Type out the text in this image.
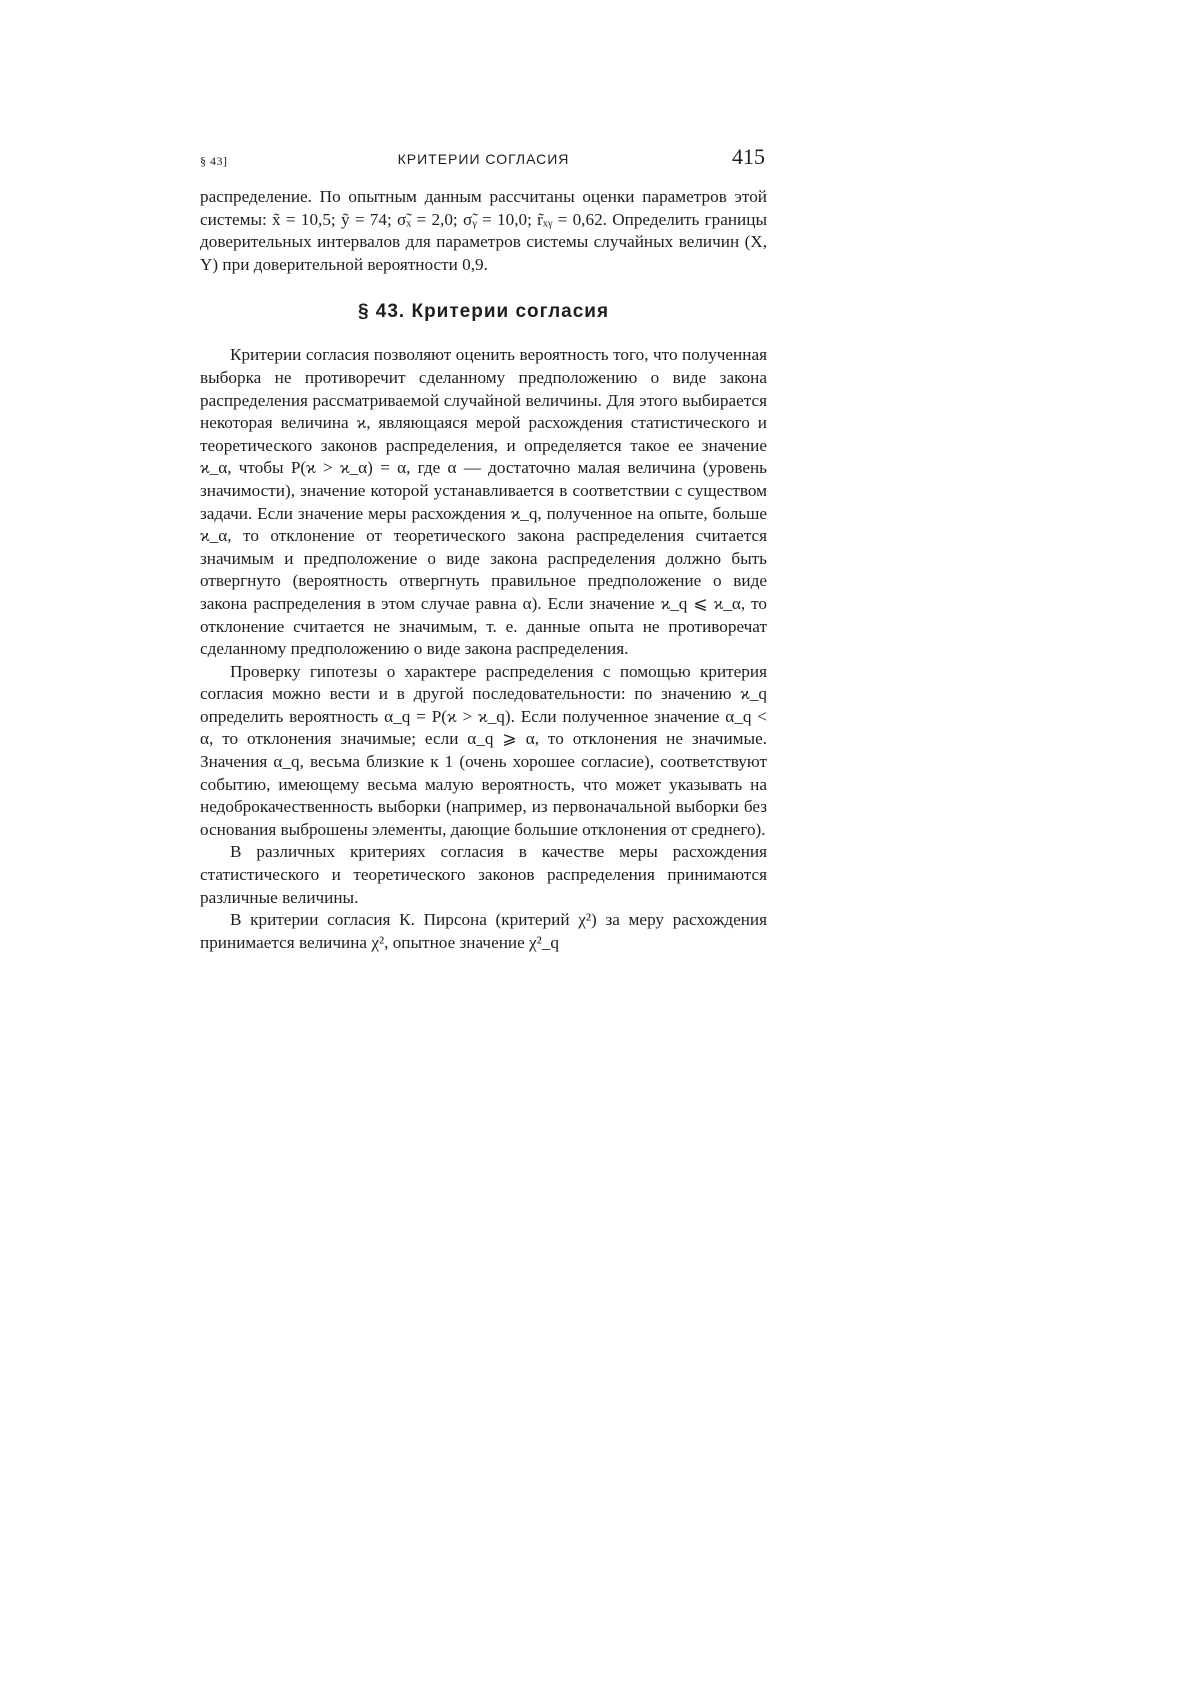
§ 43]	КРИТЕРИИ СОГЛАСИЯ	415

распределение. По опытным данным рассчитаны оценки параметров этой системы: x̃ = 10,5; ỹ = 74; σ̃ₓ = 2,0; σ̃ᵧ = 10,0; r̃ₓᵧ = 0,62. Определить границы доверительных интервалов для параметров системы случайных величин (X, Y) при доверительной вероятности 0,9.

§ 43. Критерии согласия

Критерии согласия позволяют оценить вероятность того, что полученная выборка не противоречит сделанному предположению о виде закона распределения рассматриваемой случайной величины. Для этого выбирается некоторая величина ϰ, являющаяся мерой расхождения статистического и теоретического законов распределения, и определяется такое ее значение ϰ_α, чтобы P(ϰ > ϰ_α) = α, где α — достаточно малая величина (уровень значимости), значение которой устанавливается в соответствии с существом задачи. Если значение меры расхождения ϰ_q, полученное на опыте, больше ϰ_α, то отклонение от теоретического закона распределения считается значимым и предположение о виде закона распределения должно быть отвергнуто (вероятность отвергнуть правильное предположение о виде закона распределения в этом случае равна α). Если значение ϰ_q ⩽ ϰ_α, то отклонение считается не значимым, т. е. данные опыта не противоречат сделанному предположению о виде закона распределения.

Проверку гипотезы о характере распределения с помощью критерия согласия можно вести и в другой последовательности: по значению ϰ_q определить вероятность α_q = P(ϰ > ϰ_q). Если полученное значение α_q < α, то отклонения значимые; если α_q ⩾ α, то отклонения не значимые. Значения α_q, весьма близкие к 1 (очень хорошее согласие), соответствуют событию, имеющему весьма малую вероятность, что может указывать на недоброкачественность выборки (например, из первоначальной выборки без основания выброшены элементы, дающие большие отклонения от среднего).

В различных критериях согласия в качестве меры расхождения статистического и теоретического законов распределения принимаются различные величины.

В критерии согласия К. Пирсона (критерий χ²) за меру расхождения принимается величина χ², опытное значение χ²_q
